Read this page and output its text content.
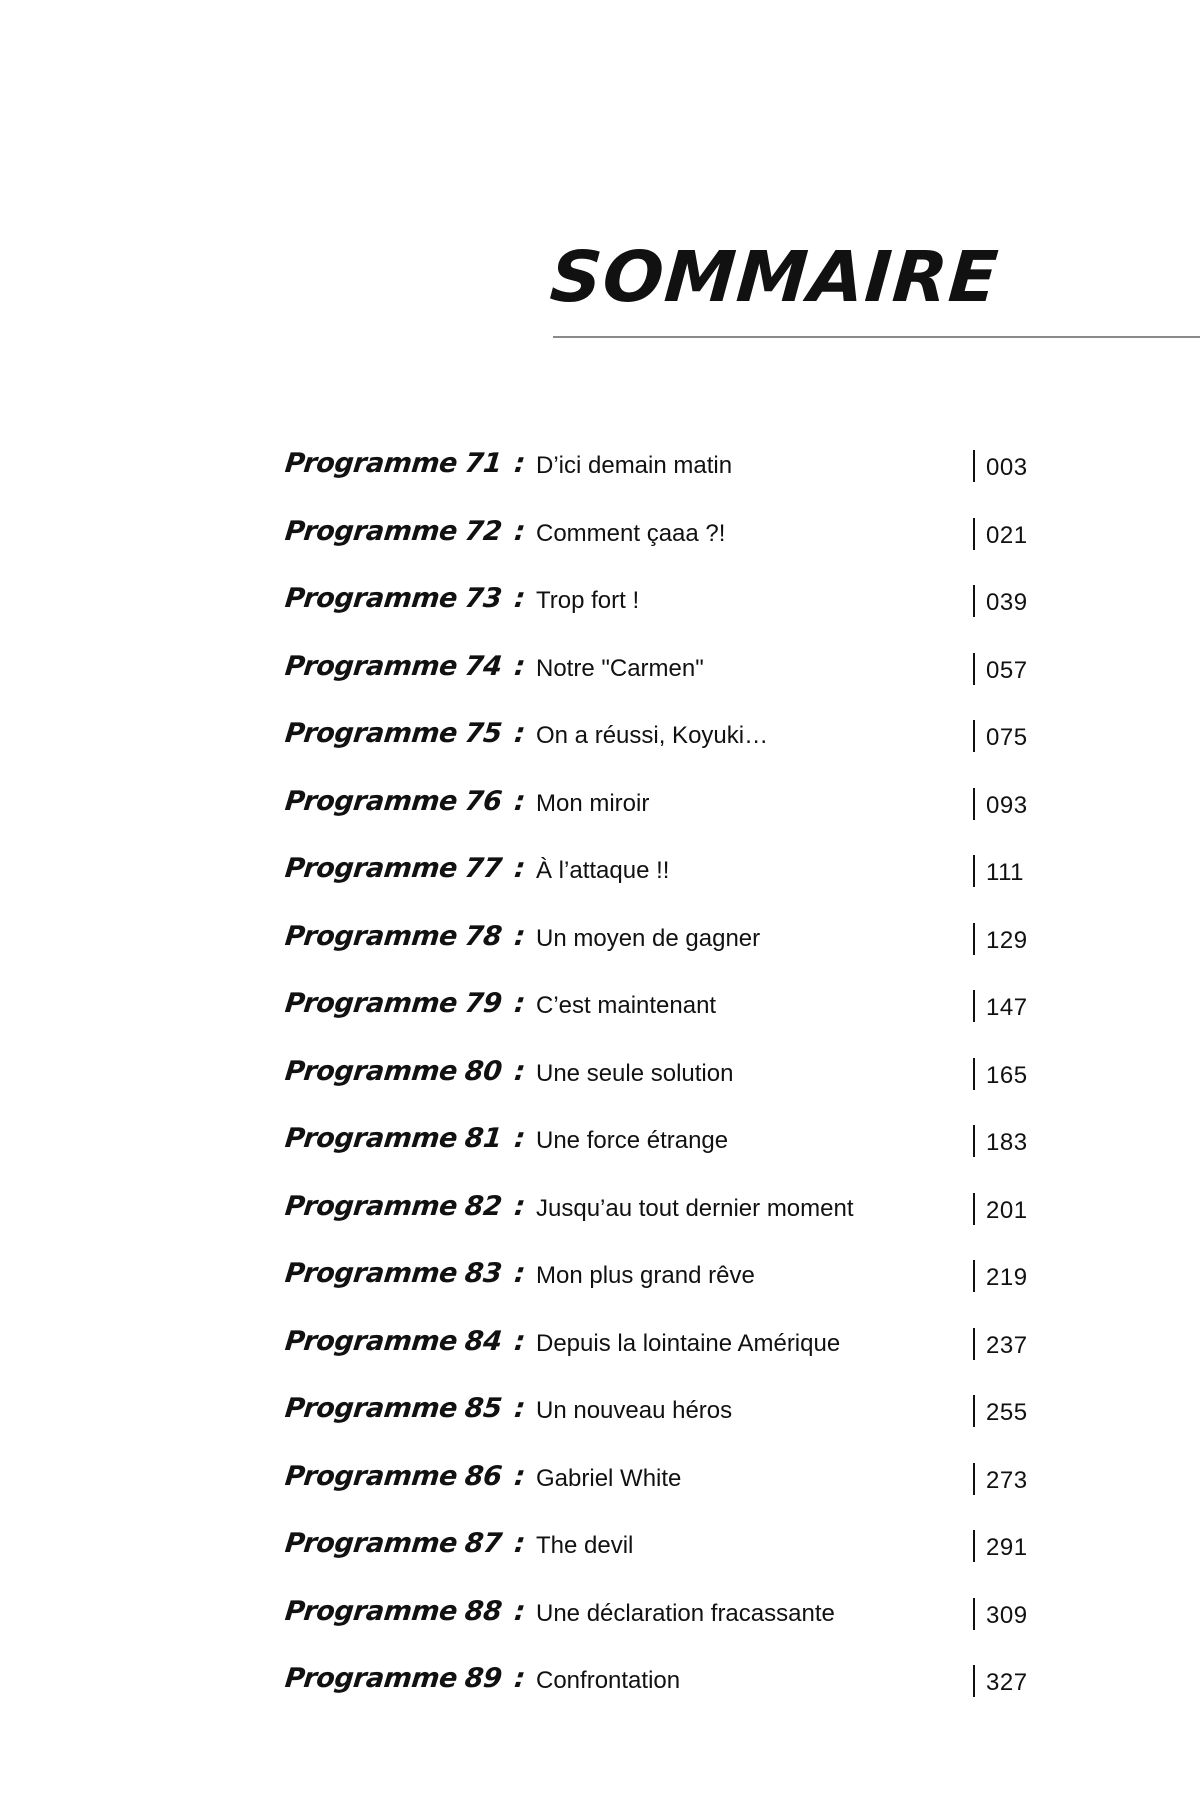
SOMMAIRE
Programme 71 : D’ici demain matin	003
Programme 72 : Comment çaaa ?!	021
Programme 73 : Trop fort !	039
Programme 74 : Notre "Carmen"	057
Programme 75 : On a réussi, Koyuki…	075
Programme 76 : Mon miroir	093
Programme 77 : À l’attaque !!	111
Programme 78 : Un moyen de gagner	129
Programme 79 : C’est maintenant	147
Programme 80 : Une seule solution	165
Programme 81 : Une force étrange	183
Programme 82 : Jusqu’au tout dernier moment	201
Programme 83 : Mon plus grand rêve	219
Programme 84 : Depuis la lointaine Amérique	237
Programme 85 : Un nouveau héros	255
Programme 86 : Gabriel White	273
Programme 87 : The devil	291
Programme 88 : Une déclaration fracassante	309
Programme 89 : Confrontation	327
